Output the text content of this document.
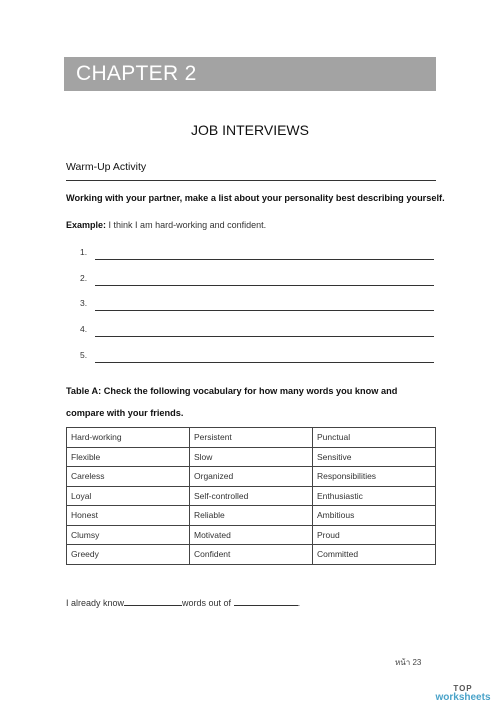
CHAPTER 2
JOB INTERVIEWS
Warm-Up Activity
Working with your partner, make a list about your personality best describing yourself.
Example: I think I am hard-working and confident.
1.
2.
3.
4.
5.
Table A: Check the following vocabulary for how many words you know and compare with your friends.
Hard-working	Persistent	Punctual
Flexible	Slow	Sensitive
Careless	Organized	Responsibilities
Loyal	Self-controlled	Enthusiastic
Honest	Reliable	Ambitious
Clumsy	Motivated	Proud
Greedy	Confident	Committed
I already know	words out of	.
หน้า 23
TOP
worksheets
